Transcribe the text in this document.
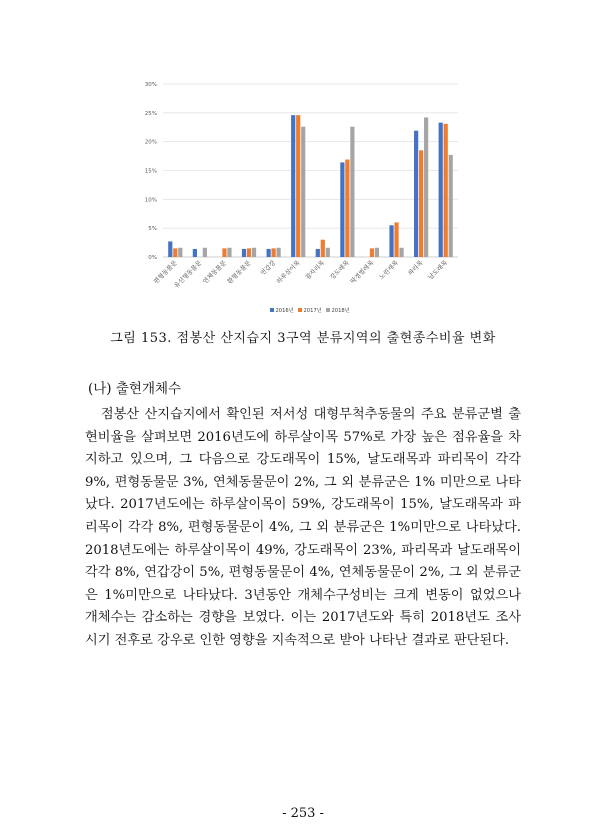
0%
5%
10%
15%
20%
25%
30%
편형동물문
유선형동물문
연체동물문
환형동물문 연갑강
하루살이목 잠자리목 강도래목
딱정벌레목 노린재목 파리목 날도래목
2016년 2017년 2018년
그림 153. 점봉산 산지습지 3구역 분류지역의 출현종수비율 변화
(나) 출현개체수

점봉산 산지습지에서 확인된 저서성 대형무척추동물의 주요 분류군별 출현비율을 살펴보면 2016년도에 하루살이목 57%로 가장 높은 점유율을 차지하고 있으며, 그 다음으로 강도래목이 15%, 날도래목과 파리목이 각각 9%, 편형동물문 3%, 연체동물문이 2%, 그 외 분류군은 1% 미만으로 나타났다. 2017년도에는 하루살이목이 59%, 강도래목이 15%, 날도래목과 파리목이 각각 8%, 편형동물문이 4%, 그 외 분류군은 1%미만으로 나타났다. 2018년도에는 하루살이목이 49%, 강도래목이 23%, 파리목과 날도래목이 각각 8%, 연갑강이 5%, 편형동물문이 4%, 연체동물문이 2%, 그 외 분류군은 1%미만으로 나타났다. 3년동안 개체수구성비는 크게 변동이 없었으나 개체수는 감소하는 경향을 보였다. 이는 2017년도와 특히 2018년도 조사시기 전후로 강우로 인한 영향을 지속적으로 받아 나타난 결과로 판단된다.

- 253 -
